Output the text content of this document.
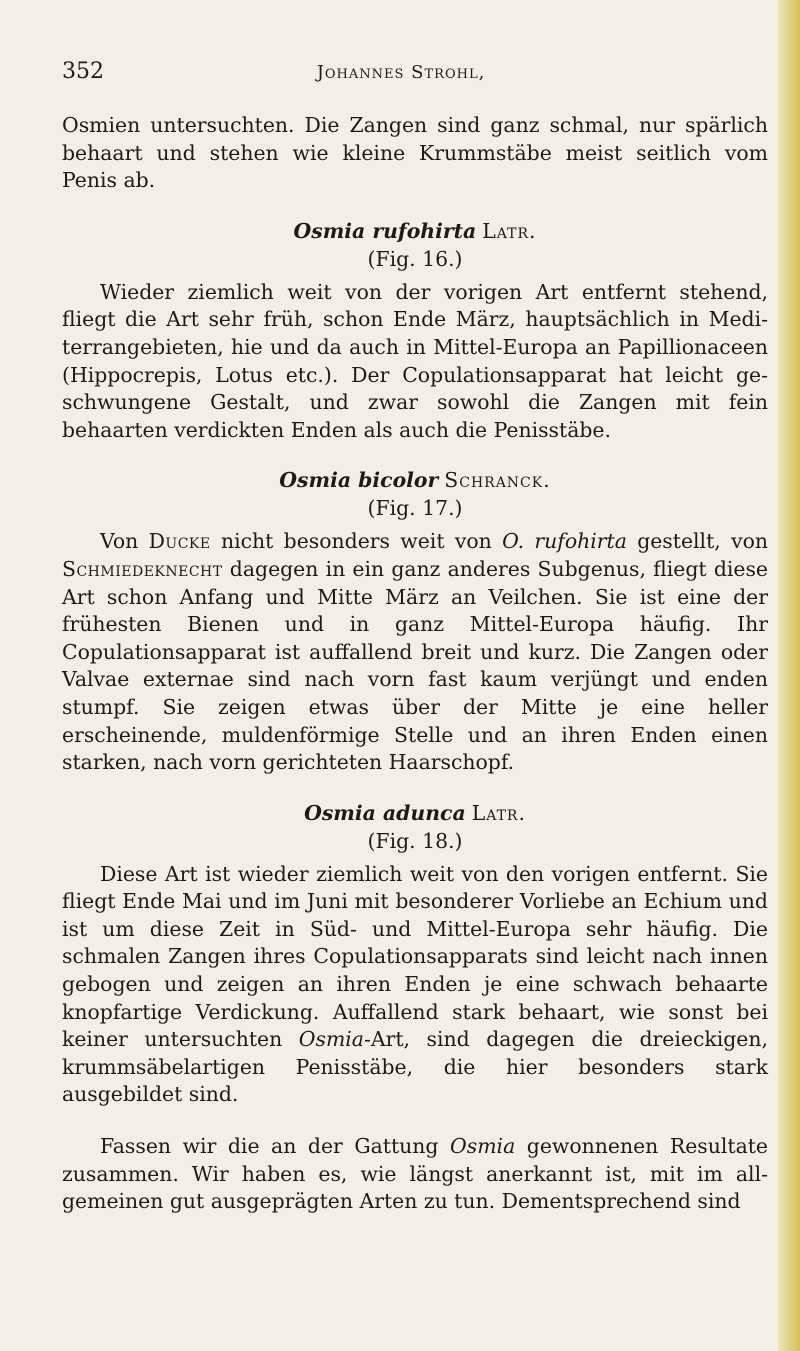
352	Johannes Strohl,

Osmien untersuchten. Die Zangen sind ganz schmal, nur spärlich behaart und stehen wie kleine Krummstäbe meist seitlich vom Penis ab.

Osmia rufohirta Latr.
(Fig. 16.)

Wieder ziemlich weit von der vorigen Art entfernt stehend, fliegt die Art sehr früh, schon Ende März, hauptsächlich in Mediterrangebieten, hie und da auch in Mittel-Europa an Papillionaceen (Hippocrepis, Lotus etc.). Der Copulationsapparat hat leicht geschwungene Gestalt, und zwar sowohl die Zangen mit fein behaarten verdickten Enden als auch die Penisstäbe.

Osmia bicolor Schranck.
(Fig. 17.)

Von Ducke nicht besonders weit von O. rufohirta gestellt, von Schmiedeknecht dagegen in ein ganz anderes Subgenus, fliegt diese Art schon Anfang und Mitte März an Veilchen. Sie ist eine der frühesten Bienen und in ganz Mittel-Europa häufig. Ihr Copulationsapparat ist auffallend breit und kurz. Die Zangen oder Valvae externae sind nach vorn fast kaum verjüngt und enden stumpf. Sie zeigen etwas über der Mitte je eine heller erscheinende, muldenförmige Stelle und an ihren Enden einen starken, nach vorn gerichteten Haarschopf.

Osmia adunca Latr.
(Fig. 18.)

Diese Art ist wieder ziemlich weit von den vorigen entfernt. Sie fliegt Ende Mai und im Juni mit besonderer Vorliebe an Echium und ist um diese Zeit in Süd- und Mittel-Europa sehr häufig. Die schmalen Zangen ihres Copulationsapparats sind leicht nach innen gebogen und zeigen an ihren Enden je eine schwach behaarte knopfartige Verdickung. Auffallend stark behaart, wie sonst bei keiner untersuchten Osmia-Art, sind dagegen die dreieckigen, krummsäbelartigen Penisstäbe, die hier besonders stark ausgebildet sind.

Fassen wir die an der Gattung Osmia gewonnenen Resultate zusammen. Wir haben es, wie längst anerkannt ist, mit im allgemeinen gut ausgeprägten Arten zu tun. Dementsprechend sind
